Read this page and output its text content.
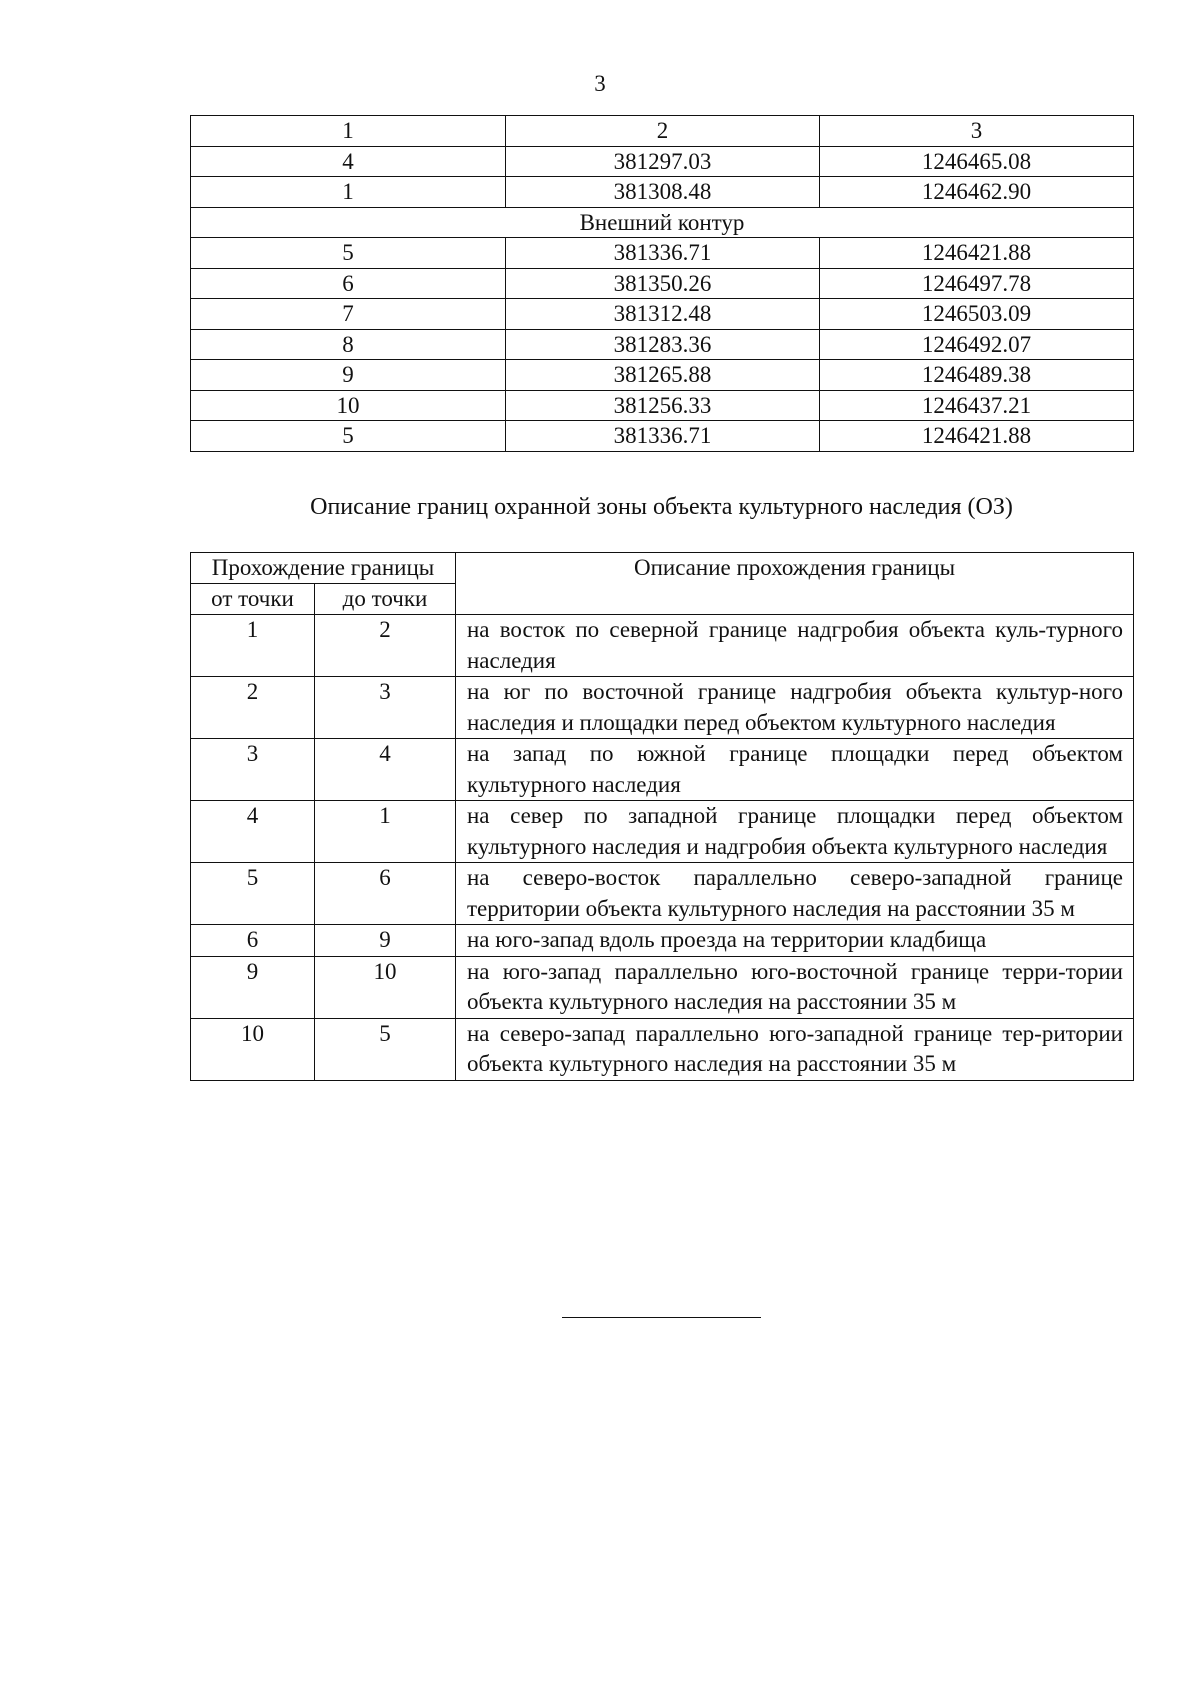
3
1	2	3
4	381297.03	1246465.08
1	381308.48	1246462.90
Внешний контур		
5	381336.71	1246421.88
6	381350.26	1246497.78
7	381312.48	1246503.09
8	381283.36	1246492.07
9	381265.88	1246489.38
10	381256.33	1246437.21
5	381336.71	1246421.88
Описание границ охранной зоны объекта культурного наследия (ОЗ)
Прохождение границы		Описание прохождения границы
от точки	до точки	
1	2	на восток по северной границе надгробия объекта куль-турного наследия
2	3	на юг по восточной границе надгробия объекта культур-ного наследия и площадки перед объектом культурного наследия
3	4	на запад по южной границе площадки перед объектом культурного наследия
4	1	на север по западной границе площадки перед объектом культурного наследия и надгробия объекта культурного наследия
5	6	на северо-восток параллельно северо-западной границе территории объекта культурного наследия на расстоянии 35 м
6	9	на юго-запад вдоль проезда на территории кладбища
9	10	на юго-запад параллельно юго-восточной границе терри-тории объекта культурного наследия на расстоянии 35 м
10	5	на северо-запад параллельно юго-западной границе тер-ритории объекта культурного наследия на расстоянии 35 м
